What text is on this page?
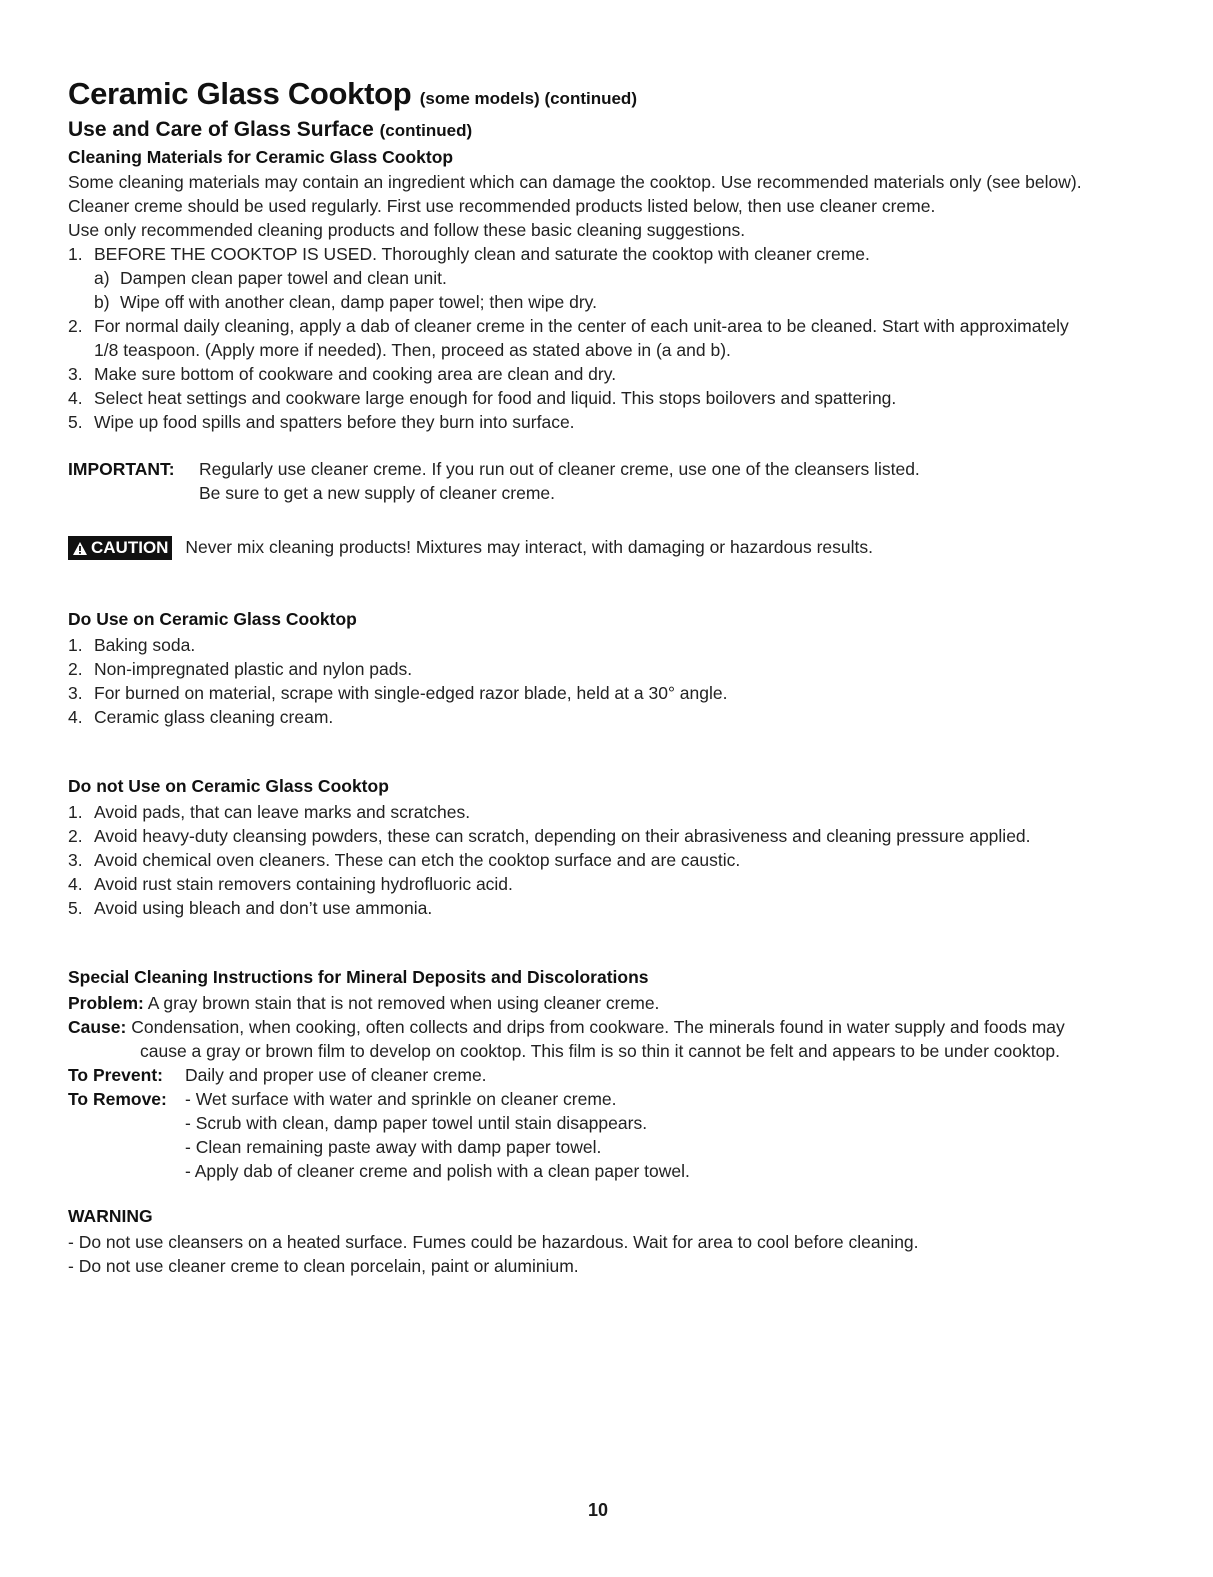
Ceramic Glass Cooktop (some models) (continued)
Use and Care of Glass Surface (continued)
Cleaning Materials for Ceramic Glass Cooktop
Some cleaning materials may contain an ingredient which can damage the cooktop. Use recommended materials only (see below).
Cleaner creme should be used regularly. First use recommended products listed below, then use cleaner creme.
Use only recommended cleaning products and follow these basic cleaning suggestions.
1. BEFORE THE COOKTOP IS USED. Thoroughly clean and saturate the cooktop with cleaner creme.
a) Dampen clean paper towel and clean unit.
b) Wipe off with another clean, damp paper towel; then wipe dry.
2. For normal daily cleaning, apply a dab of cleaner creme in the center of each unit-area to be cleaned. Start with approximately
1/8 teaspoon. (Apply more if needed). Then, proceed as stated above in (a and b).
3. Make sure bottom of cookware and cooking area are clean and dry.
4. Select heat settings and cookware large enough for food and liquid. This stops boilovers and spattering.
5. Wipe up food spills and spatters before they burn into surface.
IMPORTANT: Regularly use cleaner creme. If you run out of cleaner creme, use one of the cleansers listed.
Be sure to get a new supply of cleaner creme.
CAUTION Never mix cleaning products! Mixtures may interact, with damaging or hazardous results.
Do Use on Ceramic Glass Cooktop
1. Baking soda.
2. Non-impregnated plastic and nylon pads.
3. For burned on material, scrape with single-edged razor blade, held at a 30° angle.
4. Ceramic glass cleaning cream.
Do not Use on Ceramic Glass Cooktop
1. Avoid pads, that can leave marks and scratches.
2. Avoid heavy-duty cleansing powders, these can scratch, depending on their abrasiveness and cleaning pressure applied.
3. Avoid chemical oven cleaners. These can etch the cooktop surface and are caustic.
4. Avoid rust stain removers containing hydrofluoric acid.
5. Avoid using bleach and don’t use ammonia.
Special Cleaning Instructions for Mineral Deposits and Discolorations
Problem: A gray brown stain that is not removed when using cleaner creme.
Cause: Condensation, when cooking, often collects and drips from cookware. The minerals found in water supply and foods may
cause a gray or brown film to develop on cooktop. This film is so thin it cannot be felt and appears to be under cooktop.
To Prevent: Daily and proper use of cleaner creme.
To Remove: - Wet surface with water and sprinkle on cleaner creme.
- Scrub with clean, damp paper towel until stain disappears.
- Clean remaining paste away with damp paper towel.
- Apply dab of cleaner creme and polish with a clean paper towel.
WARNING
- Do not use cleansers on a heated surface. Fumes could be hazardous. Wait for area to cool before cleaning.
- Do not use cleaner creme to clean porcelain, paint or aluminium.
10
